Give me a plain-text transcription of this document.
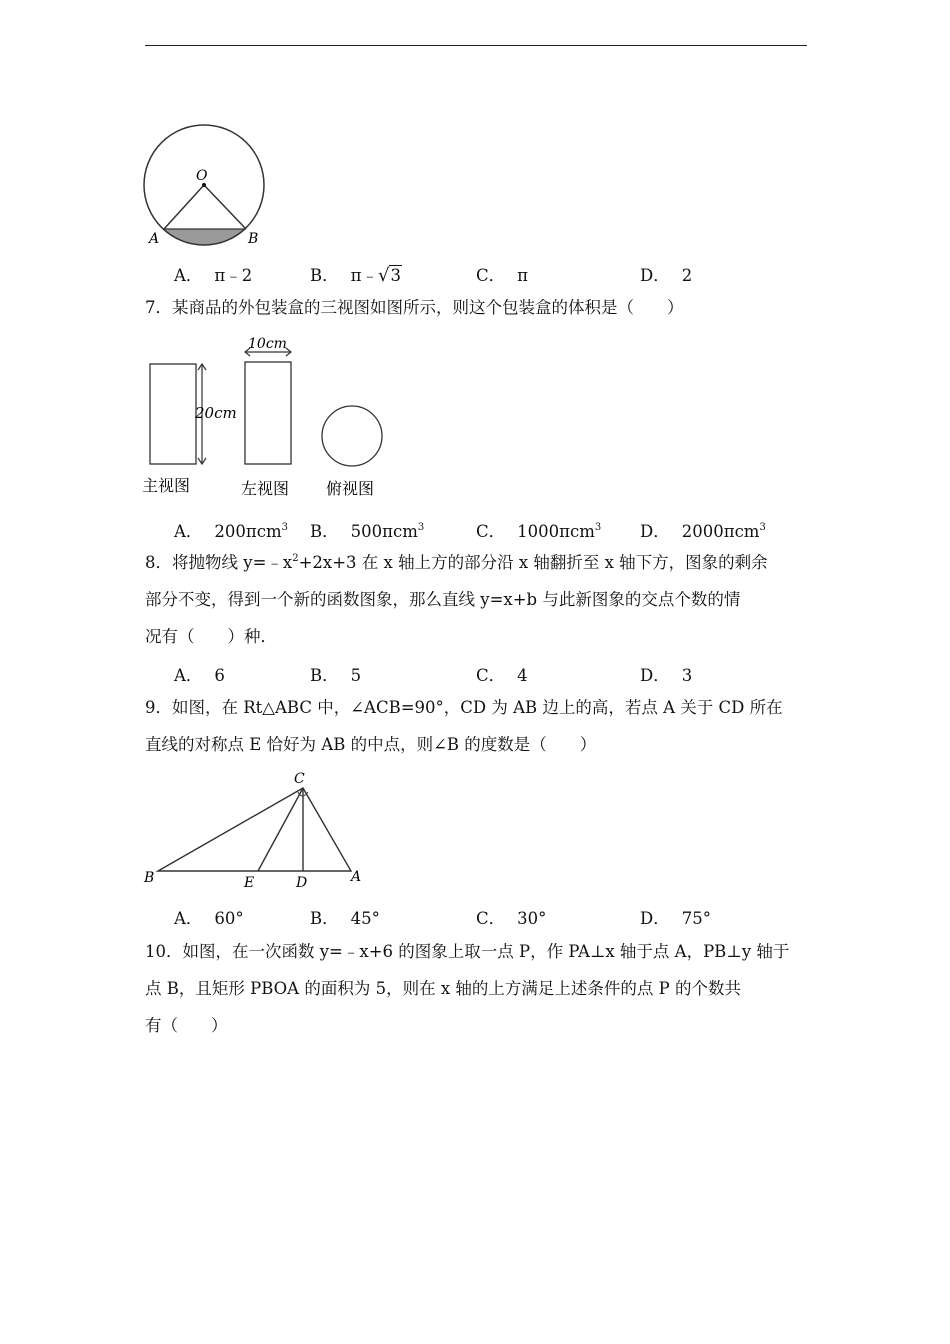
O
A	B
A． π﹣2	B． π﹣√3	C． π	D． 2
7．某商品的外包装盒的三视图如图所示，则这个包装盒的体积是（　　）
20cm
10cm
主视图	左视图 俯视图
A． 200πcm$^3$ B． 500πcm$^3$	C． 1000πcm$^3$ D． 2000πcm$^3$
8．将抛物线 $y=﹣x^2+2x+3$ 在 x 轴上方的部分沿 x 轴翻折至 x 轴下方，图象的剩余
部分不变，得到一个新的函数图象，那么直线 y=x+b 与此新图象的交点个数的情
况有（　　）种．
A． 6	B． 5	C． 4	D． 3
9．如图，在 Rt△ABC 中，∠ACB=90°，CD 为 AB 边上的高，若点 A 关于 CD 所在
直线的对称点 E 恰好为 AB 的中点，则∠B 的度数是（　　）
C
B	E	D	A
A． 60°	B． 45°	C． 30°	D． 75°
10．如图，在一次函数 y=﹣x+6 的图象上取一点 P，作 PA⊥x 轴于点 A，PB⊥y 轴于
点 B，且矩形 PBOA 的面积为 5，则在 x 轴的上方满足上述条件的点 P 的个数共
有（　　）
